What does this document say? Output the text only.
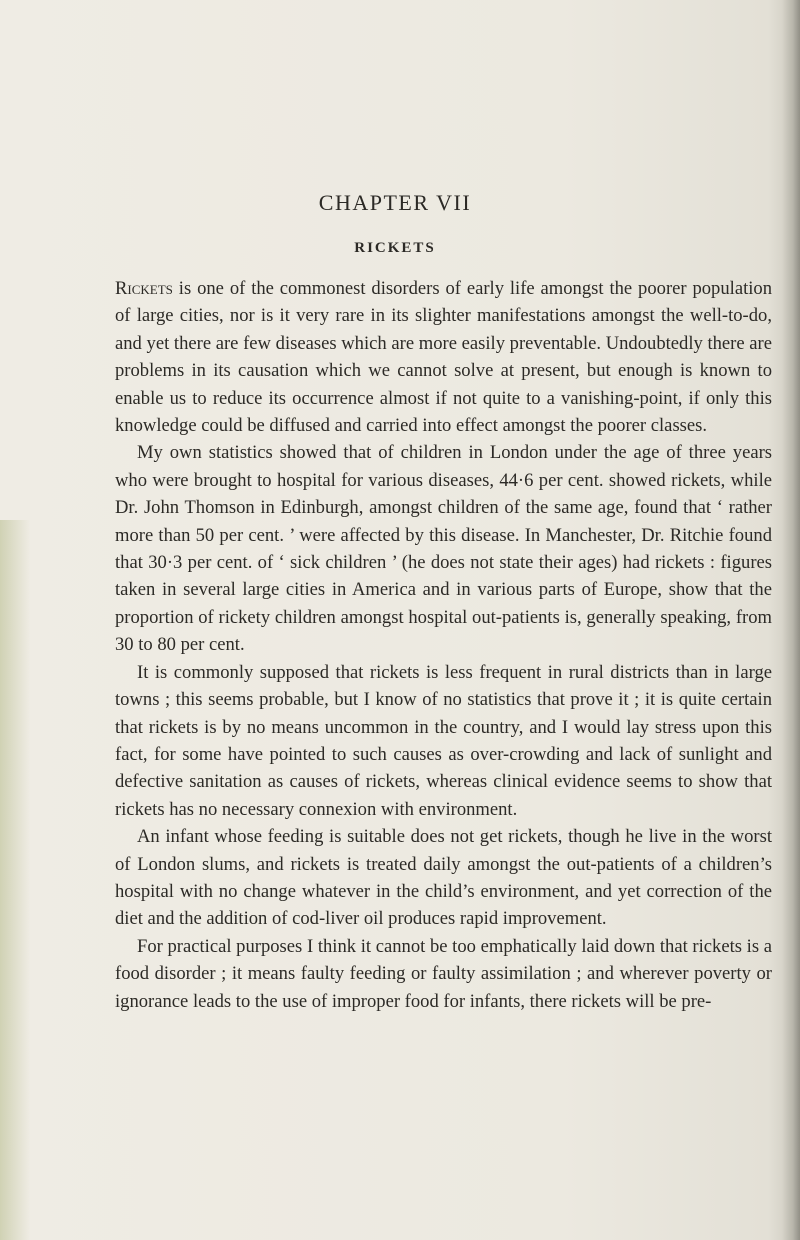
CHAPTER VII
RICKETS

Rickets is one of the commonest disorders of early life amongst the poorer population of large cities, nor is it very rare in its slighter manifestations amongst the well-to-do, and yet there are few diseases which are more easily preventable. Undoubtedly there are problems in its causation which we cannot solve at present, but enough is known to enable us to reduce its occurrence almost if not quite to a vanishing-point, if only this knowledge could be diffused and carried into effect amongst the poorer classes.

My own statistics showed that of children in London under the age of three years who were brought to hospital for various diseases, 44·6 per cent. showed rickets, while Dr. John Thomson in Edinburgh, amongst children of the same age, found that ‘ rather more than 50 per cent. ’ were affected by this disease. In Manchester, Dr. Ritchie found that 30·3 per cent. of ‘ sick children ’ (he does not state their ages) had rickets : figures taken in several large cities in America and in various parts of Europe, show that the proportion of rickety children amongst hospital out-patients is, generally speaking, from 30 to 80 per cent.

It is commonly supposed that rickets is less frequent in rural districts than in large towns ; this seems probable, but I know of no statistics that prove it ; it is quite certain that rickets is by no means uncommon in the country, and I would lay stress upon this fact, for some have pointed to such causes as over-crowding and lack of sunlight and defective sanitation as causes of rickets, whereas clinical evidence seems to show that rickets has no necessary connexion with environment.

An infant whose feeding is suitable does not get rickets, though he live in the worst of London slums, and rickets is treated daily amongst the out-patients of a children’s hospital with no change whatever in the child’s environment, and yet correction of the diet and the addition of cod-liver oil produces rapid improvement.

For practical purposes I think it cannot be too emphatically laid down that rickets is a food disorder ; it means faulty feeding or faulty assimilation ; and wherever poverty or ignorance leads to the use of improper food for infants, there rickets will be pre-
